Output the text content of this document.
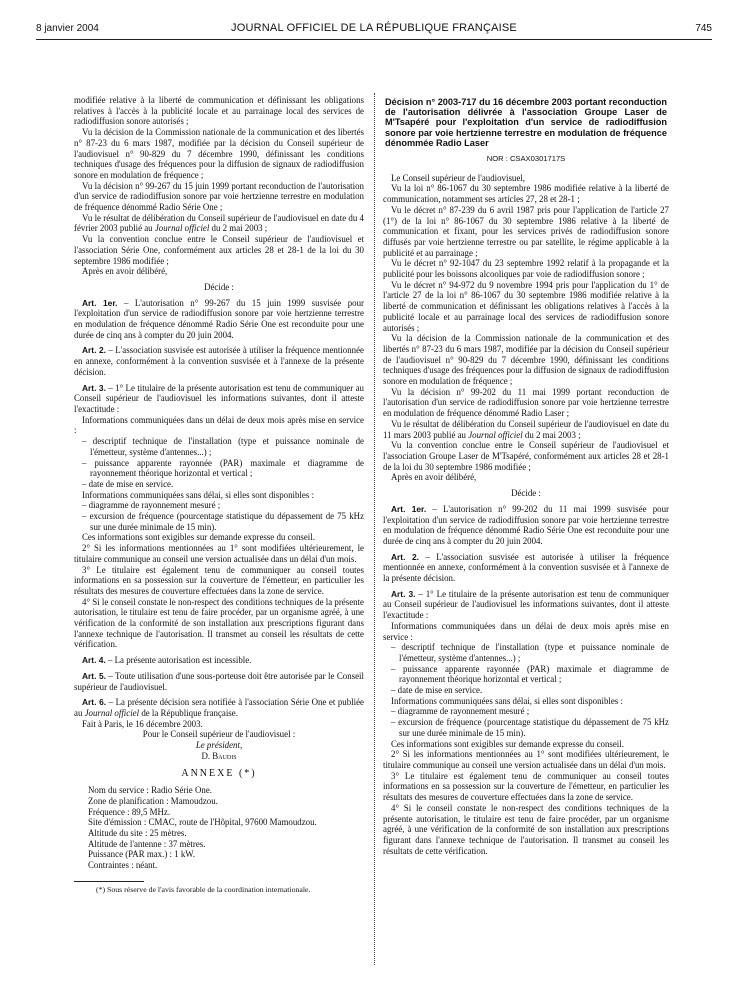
8 janvier 2004	JOURNAL OFFICIEL DE LA RÉPUBLIQUE FRANÇAISE	745

modifiée relative à la liberté de communication et définissant les obligations relatives à l'accès à la publicité locale et au parrainage local des services de radiodiffusion sonore autorisés ;

Vu la décision de la Commission nationale de la communication et des libertés n° 87-23 du 6 mars 1987, modifiée par la décision du Conseil supérieur de l'audiovisuel n° 90-829 du 7 décembre 1990, définissant les conditions techniques d'usage des fréquences pour la diffusion de signaux de radiodiffusion sonore en modulation de fréquence ;

Vu la décision n° 99-267 du 15 juin 1999 portant reconduction de l'autorisation d'un service de radiodiffusion sonore par voie hertzienne terrestre en modulation de fréquence dénommé Radio Série One ;

Vu le résultat de délibération du Conseil supérieur de l'audiovisuel en date du 4 février 2003 publié au Journal officiel du 2 mai 2003 ;

Vu la convention conclue entre le Conseil supérieur de l'audiovisuel et l'association Série One, conformément aux articles 28 et 28-1 de la loi du 30 septembre 1986 modifiée ;

Après en avoir délibéré,

Décide :

Art. 1er. – L'autorisation n° 99-267 du 15 juin 1999 susvisée pour l'exploitation d'un service de radiodiffusion sonore par voie hertzienne terrestre en modulation de fréquence dénommé Radio Série One est reconduite pour une durée de cinq ans à compter du 20 juin 2004.

Art. 2. – L'association susvisée est autorisée à utiliser la fréquence mentionnée en annexe, conformément à la convention susvisée et à l'annexe de la présente décision.

Art. 3. – 1° Le titulaire de la présente autorisation est tenu de communiquer au Conseil supérieur de l'audiovisuel les informations suivantes, dont il atteste l'exactitude :

Informations communiquées dans un délai de deux mois après mise en service :

– descriptif technique de l'installation (type et puissance nominale de l'émetteur, système d'antennes...) ;
– puissance apparente rayonnée (PAR) maximale et diagramme de rayonnement théorique horizontal et vertical ;
– date de mise en service.

Informations communiquées sans délai, si elles sont disponibles :

– diagramme de rayonnement mesuré ;
– excursion de fréquence (pourcentage statistique du dépassement de 75 kHz sur une durée minimale de 15 min).

Ces informations sont exigibles sur demande expresse du conseil.

2° Si les informations mentionnées au 1° sont modifiées ultérieurement, le titulaire communique au conseil une version actualisée dans un délai d'un mois.

3° Le titulaire est également tenu de communiquer au conseil toutes informations en sa possession sur la couverture de l'émetteur, en particulier les résultats des mesures de couverture effectuées dans la zone de service.

4° Si le conseil constate le non-respect des conditions techniques de la présente autorisation, le titulaire est tenu de faire procéder, par un organisme agréé, à une vérification de la conformité de son installation aux prescriptions figurant dans l'annexe technique de l'autorisation. Il transmet au conseil les résultats de cette vérification.

Art. 4. – La présente autorisation est incessible.

Art. 5. – Toute utilisation d'une sous-porteuse doit être autorisée par le Conseil supérieur de l'audiovisuel.

Art. 6. – La présente décision sera notifiée à l'association Série One et publiée au Journal officiel de la République française.

Fait à Paris, le 16 décembre 2003.

Pour le Conseil supérieur de l'audiovisuel :
Le président,
D. Baudis
ANNEXE (*)

Nom du service : Radio Série One.

Zone de planification : Mamoudzou.

Fréquence : 89,5 MHz.

Site d'émission : CMAC, route de l'Hôpital, 97600 Mamoudzou.

Altitude du site : 25 mètres.

Altitude de l'antenne : 37 mètres.

Puissance (PAR max.) : 1 kW.

Contraintes : néant.

(*) Sous réserve de l'avis favorable de la coordination internationale.

Décision n° 2003-717 du 16 décembre 2003 portant reconduction de l'autorisation délivrée à l'association Groupe Laser de M'Tsapéré pour l'exploitation d'un service de radiodiffusion sonore par voie hertzienne terrestre en modulation de fréquence dénommée Radio Laser
NOR : CSAX0301717S

Le Conseil supérieur de l'audiovisuel,

Vu la loi n° 86-1067 du 30 septembre 1986 modifiée relative à la liberté de communication, notamment ses articles 27, 28 et 28-1 ;

Vu le décret n° 87-239 du 6 avril 1987 pris pour l'application de l'article 27 (1°) de la loi n° 86-1067 du 30 septembre 1986 relative à la liberté de communication et fixant, pour les services privés de radiodiffusion sonore diffusés par voie hertzienne terrestre ou par satellite, le régime applicable à la publicité et au parrainage ;

Vu le décret n° 92-1047 du 23 septembre 1992 relatif à la propagande et la publicité pour les boissons alcooliques par voie de radiodiffusion sonore ;

Vu le décret n° 94-972 du 9 novembre 1994 pris pour l'application du 1° de l'article 27 de la loi n° 86-1067 du 30 septembre 1986 modifiée relative à la liberté de communication et définissant les obligations relatives à l'accès à la publicité locale et au parrainage local des services de radiodiffusion sonore autorisés ;

Vu la décision de la Commission nationale de la communication et des libertés n° 87-23 du 6 mars 1987, modifiée par la décision du Conseil supérieur de l'audiovisuel n° 90-829 du 7 décembre 1990, définissant les conditions techniques d'usage des fréquences pour la diffusion de signaux de radiodiffusion sonore en modulation de fréquence ;

Vu la décision n° 99-202 du 11 mai 1999 portant reconduction de l'autorisation d'un service de radiodiffusion sonore par voie hertzienne terrestre en modulation de fréquence dénommé Radio Laser ;

Vu le résultat de délibération du Conseil supérieur de l'audiovisuel en date du 11 mars 2003 publié au Journal officiel du 2 mai 2003 ;

Vu la convention conclue entre le Conseil supérieur de l'audiovisuel et l'association Groupe Laser de M'Tsapéré, conformément aux articles 28 et 28-1 de la loi du 30 septembre 1986 modifiée ;

Après en avoir délibéré,

Décide :

Art. 1er. – L'autorisation n° 99-202 du 11 mai 1999 susvisée pour l'exploitation d'un service de radiodiffusion sonore par voie hertzienne terrestre en modulation de fréquence dénommé Radio Série One est reconduite pour une durée de cinq ans à compter du 20 juin 2004.

Art. 2. – L'association susvisée est autorisée à utiliser la fréquence mentionnée en annexe, conformément à la convention susvisée et à l'annexe de la présente décision.

Art. 3. – 1° Le titulaire de la présente autorisation est tenu de communiquer au Conseil supérieur de l'audiovisuel les informations suivantes, dont il atteste l'exactitude :

Informations communiquées dans un délai de deux mois après mise en service :

– descriptif technique de l'installation (type et puissance nominale de l'émetteur, système d'antennes...) ;
– puissance apparente rayonnée (PAR) maximale et diagramme de rayonnement théorique horizontal et vertical ;
– date de mise en service.

Informations communiquées sans délai, si elles sont disponibles :

– diagramme de rayonnement mesuré ;
– excursion de fréquence (pourcentage statistique du dépassement de 75 kHz sur une durée minimale de 15 min).

Ces informations sont exigibles sur demande expresse du conseil.

2° Si les informations mentionnées au 1° sont modifiées ultérieurement, le titulaire communique au conseil une version actualisée dans un délai d'un mois.

3° Le titulaire est également tenu de communiquer au conseil toutes informations en sa possession sur la couverture de l'émetteur, en particulier les résultats des mesures de couverture effectuées dans la zone de service.

4° Si le conseil constate le non-respect des conditions techniques de la présente autorisation, le titulaire est tenu de faire procéder, par un organisme agréé, à une vérification de la conformité de son installation aux prescriptions figurant dans l'annexe technique de l'autorisation. Il transmet au conseil les résultats de cette vérification.
